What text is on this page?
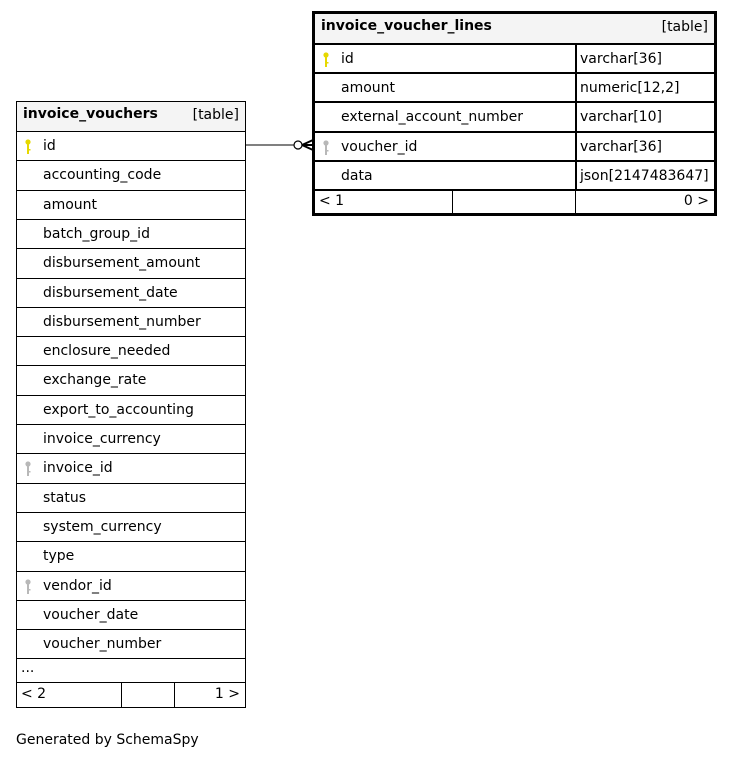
invoice_vouchers [table]
id
accounting_code
amount
batch_group_id
disbursement_amount
disbursement_date
disbursement_number
enclosure_needed
exchange_rate
export_to_accounting
invoice_currency
invoice_id
status
system_currency
type
vendor_id
voucher_date
voucher_number
...
< 2	1 >
invoice_voucher_lines	[table]
id	varchar[36]
amount	numeric[12,2]
external_account_number	varchar[10]
voucher_id	varchar[36]
data	json[2147483647]
< 1	0 >
Generated by SchemaSpy
